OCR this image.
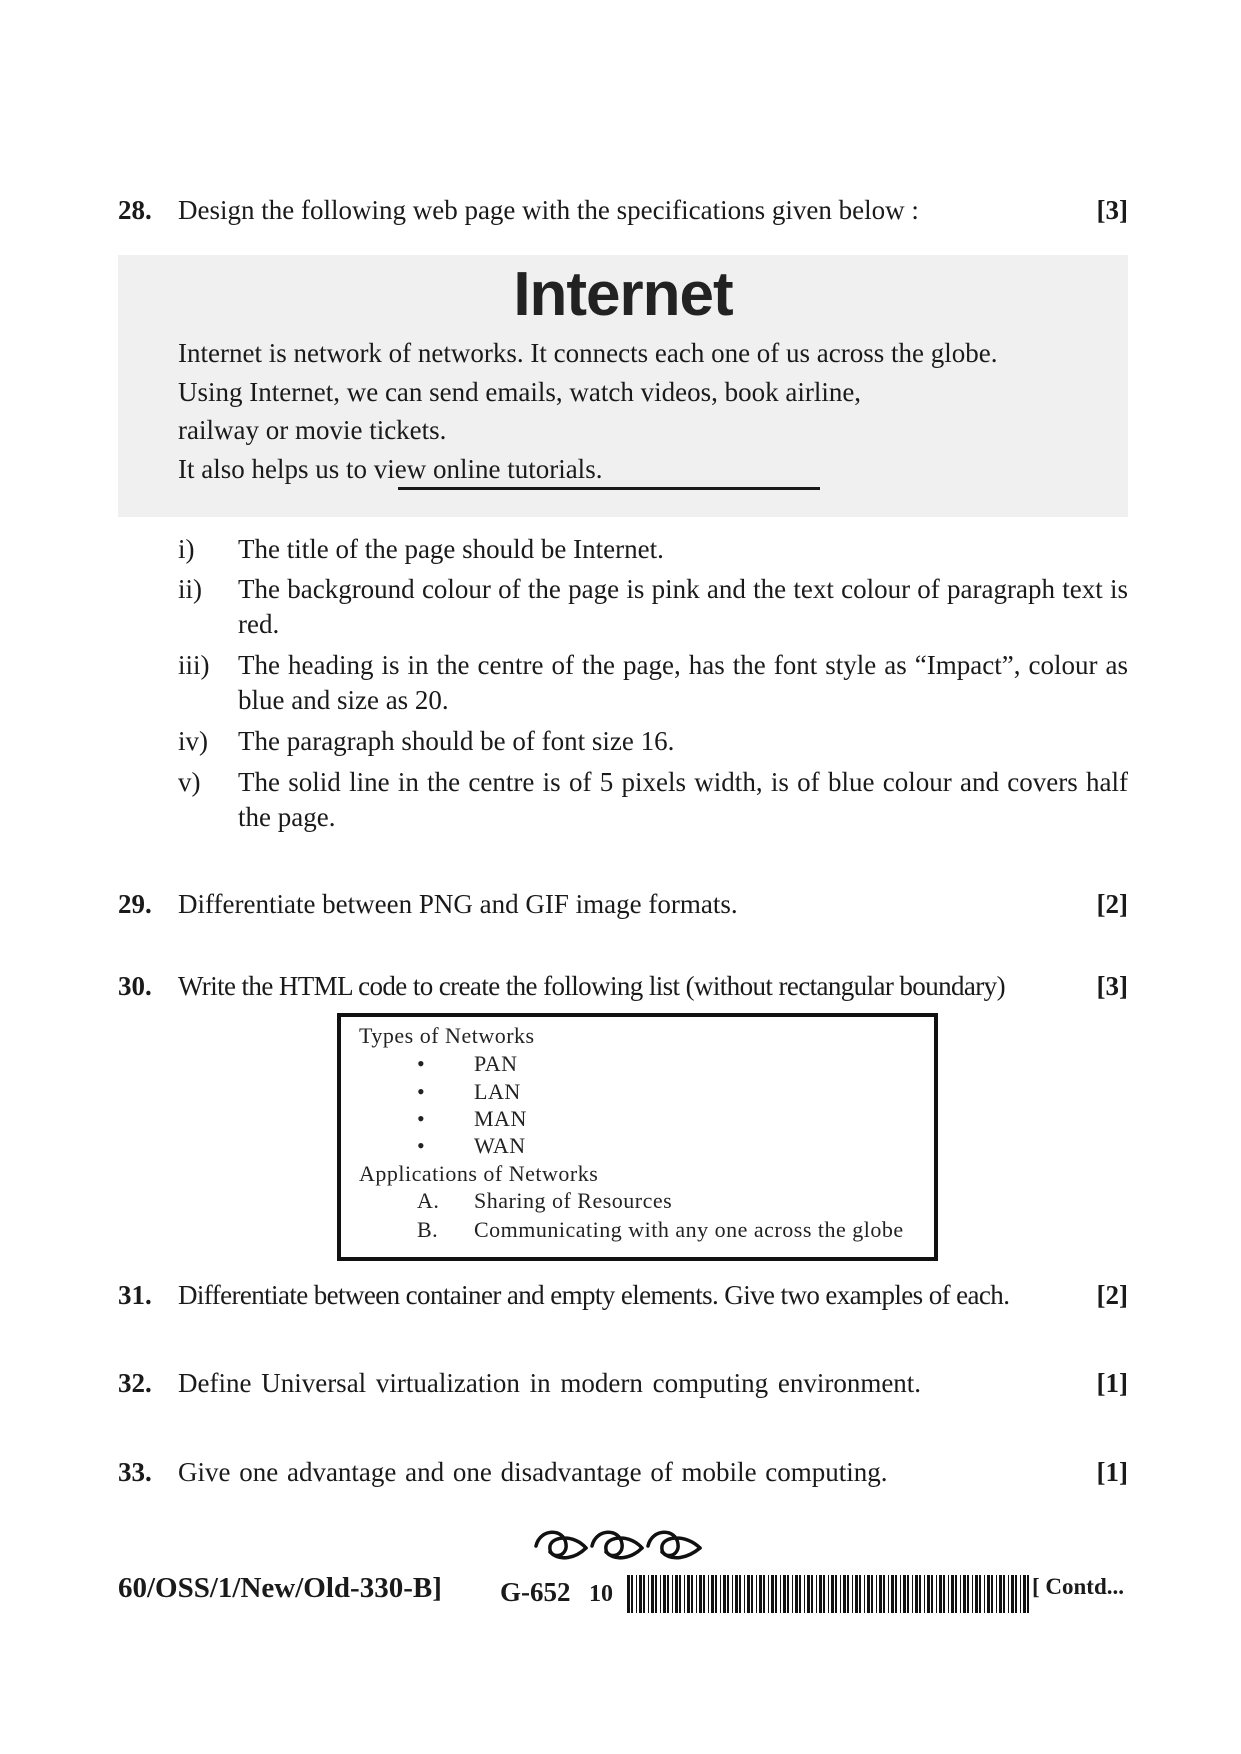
28. Design the following web page with the specifications given below :	[3]
Internet
Internet is network of networks. It connects each one of us across the globe.
Using Internet, we can send emails, watch videos, book airline,
railway or movie tickets.
It also helps us to view online tutorials.
i) The title of the page should be Internet.
ii) The background colour of the page is pink and the text colour of paragraph text is red.
iii) The heading is in the centre of the page, has the font style as “Impact”, colour as blue and size as 20.
iv) The paragraph should be of font size 16.
v) The solid line in the centre is of 5 pixels width, is of blue colour and covers half the page.
29. Differentiate between PNG and GIF image formats.	[2]
30. Write the HTML code to create the following list (without rectangular boundary)	[3]
Types of Networks
• PAN
• LAN
• MAN
• WAN
Applications of Networks
A. Sharing of Resources
B. Communicating with any one across the globe
31. Differentiate between container and empty elements. Give two examples of each.	[2]
32. Define Universal virtualization in modern computing environment.	[1]
33. Give one advantage and one disadvantage of mobile computing.	[1]
60/OSS/1/New/Old-330-B] G-652 10	[ Contd...
